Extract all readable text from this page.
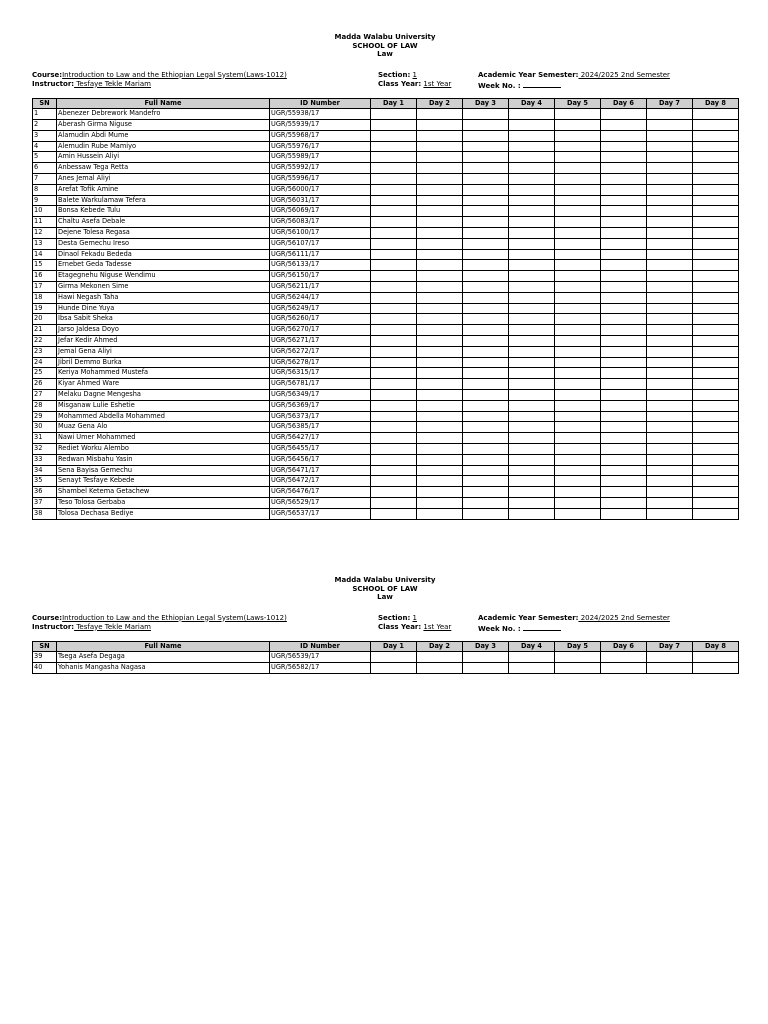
Madda Walabu University
SCHOOL OF LAW
Law
Course:Introduction to Law and the Ethiopian Legal System(Laws-1012)
Instructor: Tesfaye Tekle Mariam
Section: 1
Class Year: 1st Year
Academic Year Semester: 2024/2025 2nd Semester
Week No. :
SN	Full Name	ID Number	Day 1	Day 2	Day 3	Day 4	Day 5	Day 6	Day 7	Day 8
1	Abenezer Debrework Mandefro	UGR/55938/17								
2	Aberash Girma Niguse	UGR/55939/17								
3	Alamudin Abdi Mume	UGR/55968/17								
4	Alemudin Rube Mamiyo	UGR/55976/17								
5	Amin Hussein Aliyi	UGR/55989/17								
6	Anbessaw Tega Retta	UGR/55992/17								
7	Anes Jemal Aliyi	UGR/55996/17								
8	Arefat Tofik Amine	UGR/56000/17								
9	Balete Warkulamaw Tefera	UGR/56031/17								
10	Bonsa Kebede Tulu	UGR/56069/17								
11	Chaltu Asefa Debale	UGR/56083/17								
12	Dejene Tolesa Regasa	UGR/56100/17								
13	Desta Gemechu Ireso	UGR/56107/17								
14	Dinaol Fekadu Bededa	UGR/56111/17								
15	Ernebet Geda Tadesse	UGR/56133/17								
16	Etagegnehu Niguse Wendimu	UGR/56150/17								
17	Girma Mekonen Sime	UGR/56211/17								
18	Hawi Negash Taha	UGR/56244/17								
19	Hunde Dine Yuya	UGR/56249/17								
20	Ibsa Sabit Sheka	UGR/56260/17								
21	Jarso Jaldesa Doyo	UGR/56270/17								
22	Jefar Kedir Ahmed	UGR/56271/17								
23	Jemal Gena Aliyi	UGR/56272/17								
24	Jibril Demmo Burka	UGR/56278/17								
25	Keriya Mohammed Mustefa	UGR/56315/17								
26	Kiyar Ahmed Ware	UGR/56781/17								
27	Melaku Dagne Mengesha	UGR/56349/17								
28	Misganaw Lulie Eshetie	UGR/56369/17								
29	Mohammed Abdella Mohammed	UGR/56373/17								
30	Muaz Gena Alo	UGR/56385/17								
31	Nawi Umer Mohammed	UGR/56427/17								
32	Rediet Worku Alembo	UGR/56455/17								
33	Redwan Misbahu Yasin	UGR/56456/17								
34	Sena Bayisa Gemechu	UGR/56471/17								
35	Senayt Tesfaye Kebede	UGR/56472/17								
36	Shambel Ketema Getachew	UGR/56476/17								
37	Teso Tolosa Gerbaba	UGR/56529/17								
38	Tolosa Dechasa Bediye	UGR/56537/17								
Madda Walabu University
SCHOOL OF LAW
Law
Course:Introduction to Law and the Ethiopian Legal System(Laws-1012)
Instructor: Tesfaye Tekle Mariam
Section: 1
Class Year: 1st Year
Academic Year Semester: 2024/2025 2nd Semester
Week No. :
SN	Full Name	ID Number	Day 1	Day 2	Day 3	Day 4	Day 5	Day 6	Day 7	Day 8
39	Tsega Asefa Degaga	UGR/56539/17								
40	Yohanis Mangasha Nagasa	UGR/56582/17								
